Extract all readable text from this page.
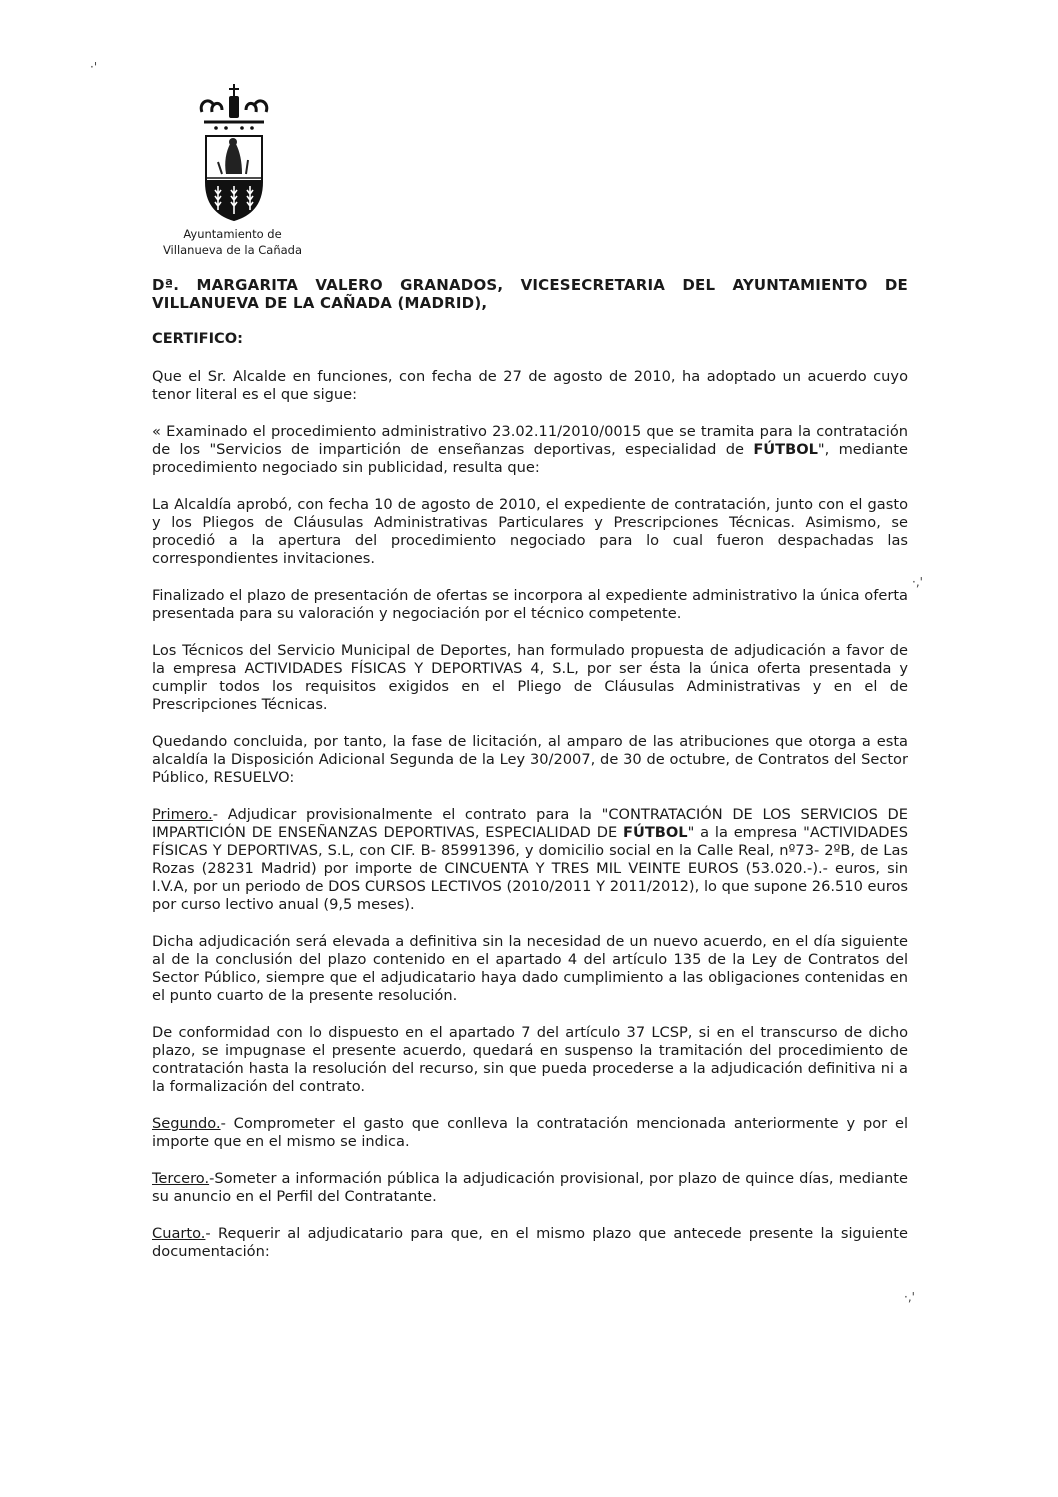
Ayuntamiento de
Villanueva de la Cañada
·'
·,'
·,'

Dª. MARGARITA VALERO GRANADOS, VICESECRETARIA DEL AYUNTAMIENTO DE VILLANUEVA DE LA CAÑADA (MADRID),

CERTIFICO:

Que el Sr. Alcalde en funciones, con fecha de 27 de agosto de 2010, ha adoptado un acuerdo cuyo tenor literal es el que sigue:

« Examinado el procedimiento administrativo 23.02.11/2010/0015 que se tramita para la contratación de los "Servicios de impartición de enseñanzas deportivas, especialidad de FÚTBOL", mediante procedimiento negociado sin publicidad, resulta que:

La Alcaldía aprobó, con fecha 10 de agosto de 2010, el expediente de contratación, junto con el gasto y los Pliegos de Cláusulas Administrativas Particulares y Prescripciones Técnicas. Asimismo, se procedió a la apertura del procedimiento negociado para lo cual fueron despachadas las correspondientes invitaciones.

Finalizado el plazo de presentación de ofertas se incorpora al expediente administrativo la única oferta presentada para su valoración y negociación por el técnico competente.

Los Técnicos del Servicio Municipal de Deportes, han formulado propuesta de adjudicación a favor de la empresa ACTIVIDADES FÍSICAS Y DEPORTIVAS 4, S.L, por ser ésta la única oferta presentada y cumplir todos los requisitos exigidos en el Pliego de Cláusulas Administrativas y en el de Prescripciones Técnicas.

Quedando concluida, por tanto, la fase de licitación, al amparo de las atribuciones que otorga a esta alcaldía la Disposición Adicional Segunda de la Ley 30/2007, de 30 de octubre, de Contratos del Sector Público, RESUELVO:

Primero.- Adjudicar provisionalmente el contrato para la "CONTRATACIÓN DE LOS SERVICIOS DE IMPARTICIÓN DE ENSEÑANZAS DEPORTIVAS, ESPECIALIDAD DE FÚTBOL" a la empresa "ACTIVIDADES FÍSICAS Y DEPORTIVAS, S.L, con CIF. B- 85991396, y domicilio social en la Calle Real, nº73- 2ºB, de Las Rozas (28231 Madrid) por importe de CINCUENTA Y TRES MIL VEINTE EUROS (53.020.-).- euros, sin I.V.A, por un periodo de DOS CURSOS LECTIVOS (2010/2011 Y 2011/2012), lo que supone 26.510 euros por curso lectivo anual (9,5 meses).

Dicha adjudicación será elevada a definitiva sin la necesidad de un nuevo acuerdo, en el día siguiente al de la conclusión del plazo contenido en el apartado 4 del artículo 135 de la Ley de Contratos del Sector Público, siempre que el adjudicatario haya dado cumplimiento a las obligaciones contenidas en el punto cuarto de la presente resolución.

De conformidad con lo dispuesto en el apartado 7 del artículo 37 LCSP, si en el transcurso de dicho plazo, se impugnase el presente acuerdo, quedará en suspenso la tramitación del procedimiento de contratación hasta la resolución del recurso, sin que pueda procederse a la adjudicación definitiva ni a la formalización del contrato.

Segundo.- Comprometer el gasto que conlleva la contratación mencionada anteriormente y por el importe que en el mismo se indica.

Tercero.-Someter a información pública la adjudicación provisional, por plazo de quince días, mediante su anuncio en el Perfil del Contratante.

Cuarto.- Requerir al adjudicatario para que, en el mismo plazo que antecede presente la siguiente documentación:
